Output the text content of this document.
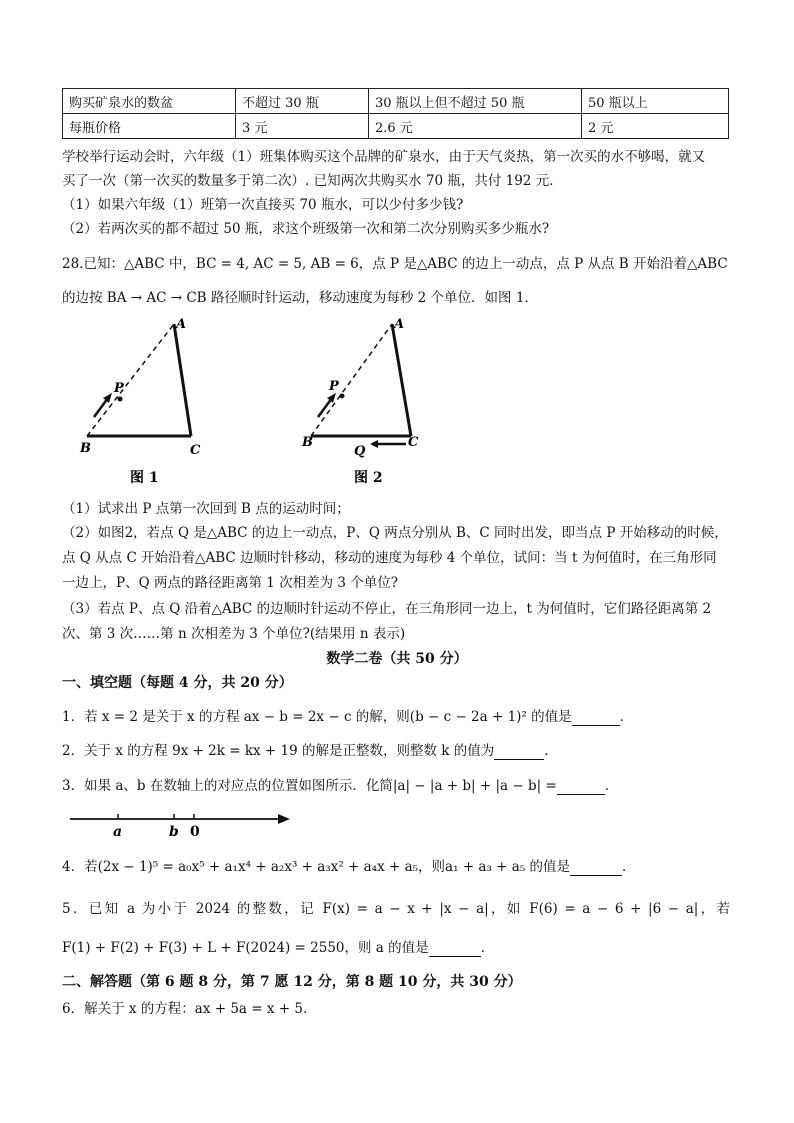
购买矿泉水的数盆	不超过 30 瓶	30 瓶以上但不超过 50 瓶	50 瓶以上
每瓶价格	3 元	2.6 元	2 元
学校举行运动会时，六年级（1）班集体购买这个品牌的矿泉水，由于天气炎热，第一次买的水不够喝，就又
买了一次（第一次买的数量多于第二次）. 已知两次共购买水 70 瓶，共付 192 元．
（1）如果六年级（1）班第一次直接买 70 瓶水，可以少付多少钱?
（2）若两次买的都不超过 50 瓶，求这个班级第一次和第二次分别购买多少瓶水?
28.已知：△ABC 中，BC = 4, AC = 5, AB = 6，点 P 是△ABC 的边上一动点，点 P 从点 B 开始沿着△ABC
的边按 BA → AC → CB 路径顺时针运动，移动速度为每秒 2 个单位．如图 1．
A
P
B	C
图 1
A
P
B	C
Q
图 2
（1）试求出 P 点第一次回到 B 点的运动时间；
（2）如图2，若点 Q 是△ABC 的边上一动点，P、Q 两点分别从 B、C 同时出发，即当点 P 开始移动的时候，
点 Q 从点 C 开始沿着△ABC 边顺时针移动，移动的速度为每秒 4 个单位，试问：当 t 为何值时，在三角形同
一边上，P、Q 两点的路径距离第 1 次相差为 3 个单位?
（3）若点 P、点 Q 沿着△ABC 的边顺时针运动不停止，在三角形同一边上，t 为何值时，它们路径距离第 2
次、第 3 次……第 n 次相差为 3 个单位?(结果用 n 表示)
数学二卷（共 50 分）
一、填空题（每题 4 分，共 20 分）
1．若 x = 2 是关于 x 的方程 ax − b = 2x − c 的解，则(b − c − 2a + 1)² 的值是	．
2．关于 x 的方程 9x + 2k = kx + 19 的解是正整数，则整数 k 的值为	．
3．如果 a、b 在数轴上的对应点的位置如图所示．化简|a| − |a + b| + |a − b| =	．
a	b 0
4．若(2x − 1)⁵ = a₀x⁵ + a₁x⁴ + a₂x³ + a₃x² + a₄x + a₅，则a₁ + a₃ + a₅ 的值是	．
5．已知 a 为小于 2024 的整数，记 F(x) = a − x + |x − a|，如 F(6) = a − 6 + |6 − a|，若
F(1) + F(2) + F(3) + L + F(2024) = 2550，则 a 的值是	．
二、解答题（第 6 题 8 分，第 7 愿 12 分，第 8 题 10 分，共 30 分）
6．解关于 x 的方程：ax + 5a = x + 5．
